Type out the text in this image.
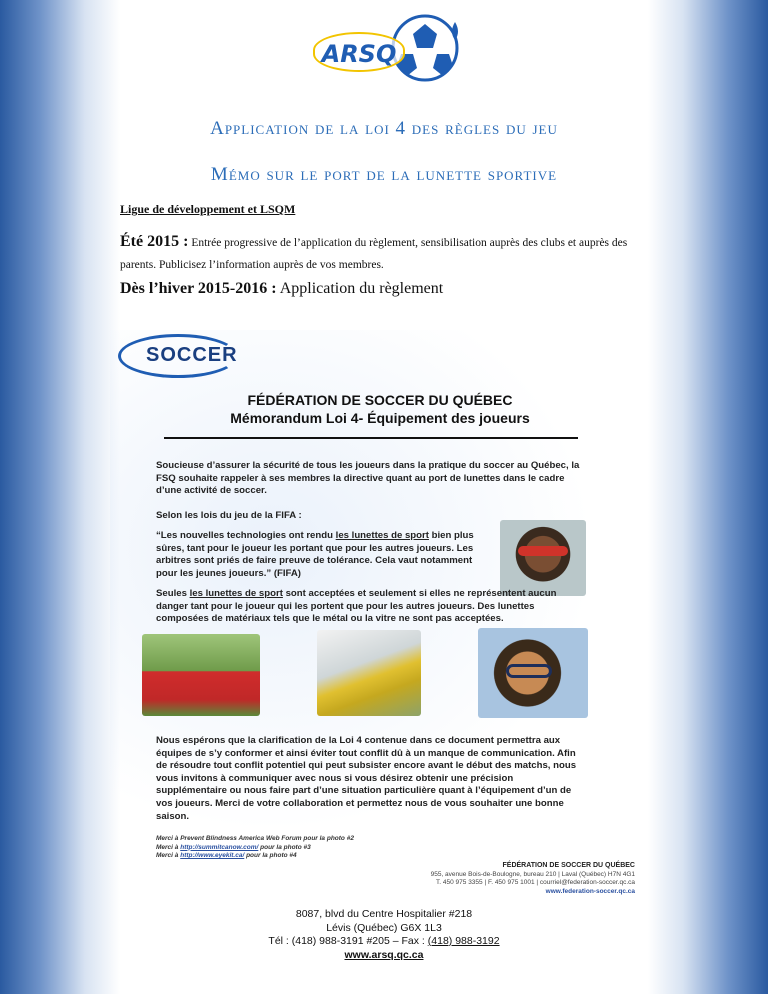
ARSQ
Application de la loi 4 des règles du jeu
Mémo sur le port de la lunette sportive
Ligue de développement et LSQM
Été 2015 : Entrée progressive de l’application du règlement, sensibilisation auprès des clubs et auprès des parents. Publicisez l’information auprès de vos membres.
Dès l’hiver 2015-2016 : Application du règlement
SOCCER
FÉDÉRATION DE SOCCER DU QUÉBEC
Mémorandum Loi 4- Équipement des joueurs
Soucieuse d’assurer la sécurité de tous les joueurs dans la pratique du soccer au Québec, la FSQ souhaite rappeler à ses membres la directive quant au port de lunettes dans le cadre d’une activité de soccer.
Selon les lois du jeu de la FIFA :
“Les nouvelles technologies ont rendu les lunettes de sport bien plus sûres, tant pour le joueur les portant que pour les autres joueurs. Les arbitres sont priés de faire preuve de tolérance. Cela vaut notamment pour les jeunes joueurs.” (FIFA)
Seules les lunettes de sport sont acceptées et seulement si elles ne représentent aucun danger tant pour le joueur qui les portent que pour les autres joueurs. Des lunettes composées de matériaux tels que le métal ou la vitre ne sont pas acceptées.
Nous espérons que la clarification de la Loi 4 contenue dans ce document permettra aux équipes de s’y conformer et ainsi éviter tout conflit dû à un manque de communication. Afin de résoudre tout conflit potentiel qui peut subsister encore avant le début des matchs, nous vous invitons à communiquer avec nous si vous désirez obtenir une précision supplémentaire ou nous faire part d’une situation particulière quant à l’équipement d’un de vos joueurs. Merci de votre collaboration et permettez nous de vous souhaiter une bonne saison.
Merci à Prevent Blindness America Web Forum pour la photo #2
Merci à http://summitcanow.com/ pour la photo #3
Merci à http://www.eyekit.ca/ pour la photo #4
FÉDÉRATION DE SOCCER DU QUÉBEC
955, avenue Bois-de-Boulogne, bureau 210 | Laval (Québec) H7N 4G1
T. 450 975 3355 | F. 450 975 1001 | courriel@federation-soccer.qc.ca
www.federation-soccer.qc.ca
8087, blvd du Centre Hospitalier #218
Lévis (Québec) G6X 1L3
Tél : (418) 988-3191 #205 – Fax : (418) 988-3192
www.arsq.qc.ca
